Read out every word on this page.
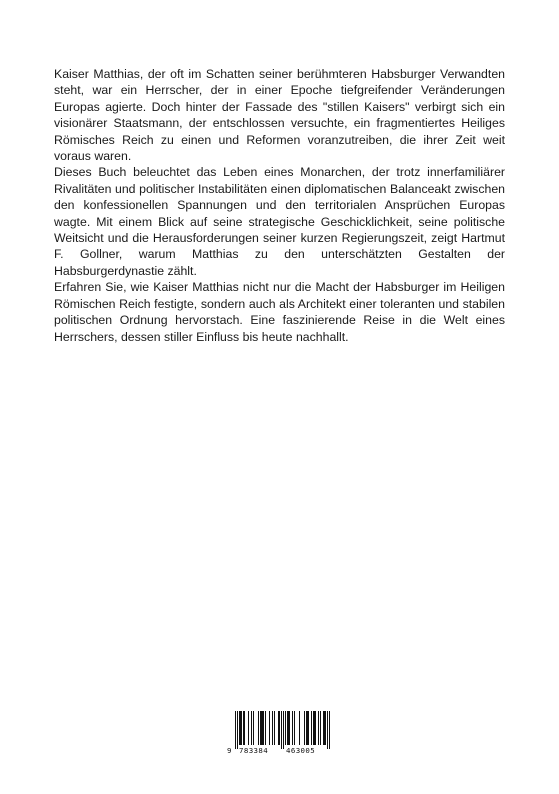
Kaiser Matthias, der oft im Schatten seiner berühmteren Habsburger Verwandten steht, war ein Herrscher, der in einer Epoche tiefgreifender Veränderungen Europas agierte. Doch hinter der Fassade des "stillen Kaisers" verbirgt sich ein visionärer Staatsmann, der entschlossen versuchte, ein fragmentiertes Heiliges Römisches Reich zu einen und Reformen voranzutreiben, die ihrer Zeit weit voraus waren.

Dieses Buch beleuchtet das Leben eines Monarchen, der trotz innerfamiliärer Rivalitäten und politischer Instabilitäten einen diplomatischen Balanceakt zwischen den konfessionellen Spannungen und den territorialen Ansprüchen Europas wagte. Mit einem Blick auf seine strategische Geschicklichkeit, seine politische Weitsicht und die Herausforderungen seiner kurzen Regierungszeit, zeigt Hartmut F. Gollner, warum Matthias zu den unterschätzten Gestalten der Habsburgerdynastie zählt.

Erfahren Sie, wie Kaiser Matthias nicht nur die Macht der Habsburger im Heiligen Römischen Reich festigte, sondern auch als Architekt einer toleranten und stabilen politischen Ordnung hervorstach. Eine faszinierende Reise in die Welt eines Herrschers, dessen stiller Einfluss bis heute nachhallt.

9 783384 463005
